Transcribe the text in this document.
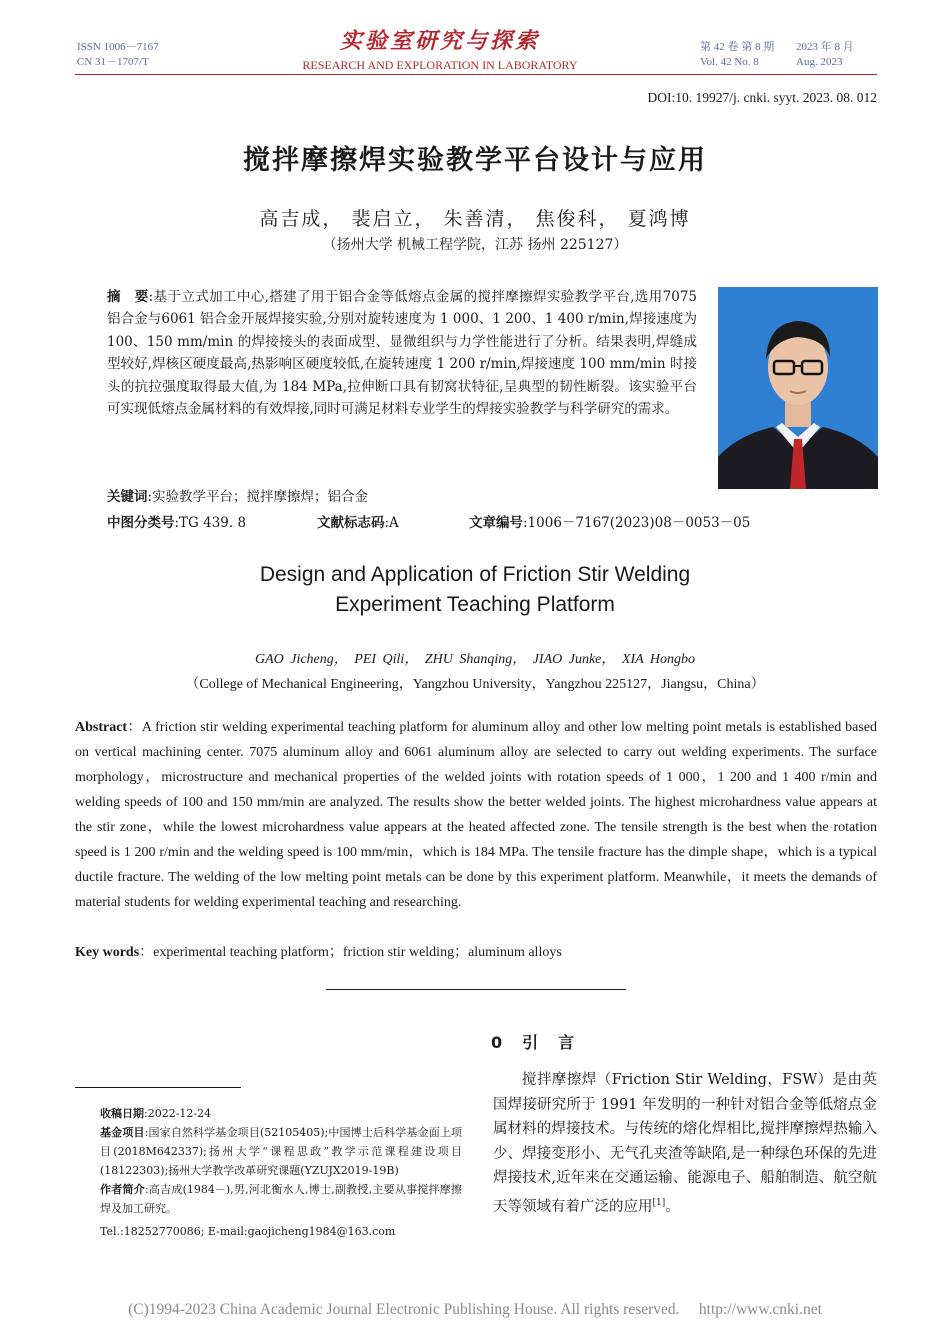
ISSN 1006－7167
CN 31－1707/T
实验室研究与探索
RESEARCH AND EXPLORATION IN LABORATORY
第 42 卷 第 8 期 2023 年 8 月
Vol. 42 No. 8	Aug. 2023
DOI:10. 19927/j. cnki. syyt. 2023. 08. 012
搅拌摩擦焊实验教学平台设计与应用
高吉成， 裴启立， 朱善清， 焦俊科， 夏鸿博
（扬州大学 机械工程学院，江苏 扬州 225127）
摘　要:基于立式加工中心,搭建了用于铝合金等低熔点金属的搅拌摩擦焊实验教学平台,选用7075 铝合金与6061 铝合金开展焊接实验,分别对旋转速度为 1 000、1 200、1 400 r/min,焊接速度为 100、150 mm/min 的焊接接头的表面成型、显微组织与力学性能进行了分析。结果表明,焊缝成型较好,焊核区硬度最高,热影响区硬度较低,在旋转速度 1 200 r/min,焊接速度 100 mm/min 时接头的抗拉强度取得最大值,为 184 MPa,拉伸断口具有韧窝状特征,呈典型的韧性断裂。该实验平台可实现低熔点金属材料的有效焊接,同时可满足材料专业学生的焊接实验教学与科学研究的需求。
关键词:实验教学平台；搅拌摩擦焊；铝合金
中图分类号:TG 439. 8	文献标志码:A	文章编号:1006－7167(2023)08－0053－05
Design and Application of Friction Stir Welding
Experiment Teaching Platform
GAO Jicheng， PEI Qili， ZHU Shanqing， JIAO Junke， XIA Hongbo
（College of Mechanical Engineering，Yangzhou University，Yangzhou 225127，Jiangsu，China）
Abstract：A friction stir welding experimental teaching platform for aluminum alloy and other low melting point metals is established based on vertical machining center. 7075 aluminum alloy and 6061 aluminum alloy are selected to carry out welding experiments. The surface morphology，microstructure and mechanical properties of the welded joints with rotation speeds of 1 000，1 200 and 1 400 r/min and welding speeds of 100 and 150 mm/min are analyzed. The results show the better welded joints. The highest microhardness value appears at the stir zone，while the lowest microhardness value appears at the heated affected zone. The tensile strength is the best when the rotation speed is 1 200 r/min and the welding speed is 100 mm/min，which is 184 MPa. The tensile fracture has the dimple shape，which is a typical ductile fracture. The welding of the low melting point metals can be done by this experiment platform. Meanwhile，it meets the demands of material students for welding experimental teaching and researching.
Key words：experimental teaching platform；friction stir welding；aluminum alloys
0　引　言
搅拌摩擦焊（Friction Stir Welding，FSW）是由英国焊接研究所于 1991 年发明的一种针对铝合金等低熔点金属材料的焊接技术。与传统的熔化焊相比,搅拌摩擦焊热输入少、焊接变形小、无气孔夹渣等缺陷,是一种绿色环保的先进焊接技术,近年来在交通运输、能源电子、船舶制造、航空航天等领域有着广泛的应用[1]。

收稿日期:2022-12-24

基金项目:国家自然科学基金项目(52105405);中国博士后科学基金面上项目(2018M642337);扬州大学“课程思政”教学示范课程建设项目(18122303);扬州大学教学改革研究课题(YZUJX2019-19B)

作者简介:高吉成(1984－),男,河北衡水人,博士,副教授,主要从事搅拌摩擦焊及加工研究。

Tel.:18252770086; E-mail:gaojicheng1984@163.com

(C)1994-2023 China Academic Journal Electronic Publishing House. All rights reserved.　 http://www.cnki.net
